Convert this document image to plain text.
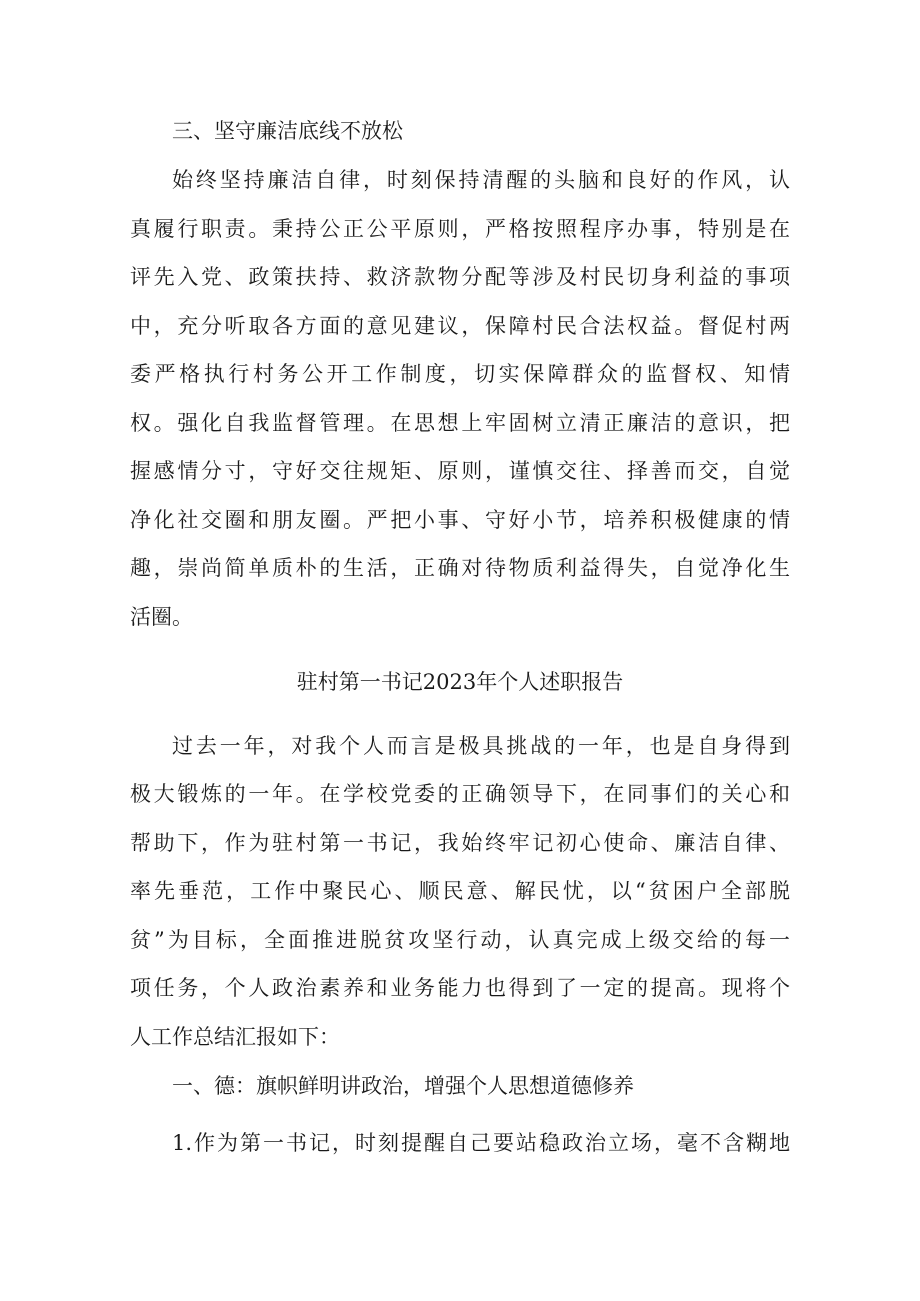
三、坚守廉洁底线不放松
始终坚持廉洁自律，时刻保持清醒的头脑和良好的作风，认
真履行职责。秉持公正公平原则，严格按照程序办事，特别是在
评先入党、政策扶持、救济款物分配等涉及村民切身利益的事项
中，充分听取各方面的意见建议，保障村民合法权益。督促村两
委严格执行村务公开工作制度，切实保障群众的监督权、知情
权。强化自我监督管理。在思想上牢固树立清正廉洁的意识，把
握感情分寸，守好交往规矩、原则，谨慎交往、择善而交，自觉
净化社交圈和朋友圈。严把小事、守好小节，培养积极健康的情
趣，崇尚简单质朴的生活，正确对待物质利益得失，自觉净化生
活圈。
驻村第一书记2023年个人述职报告
过去一年，对我个人而言是极具挑战的一年，也是自身得到
极大锻炼的一年。在学校党委的正确领导下，在同事们的关心和
帮助下，作为驻村第一书记，我始终牢记初心使命、廉洁自律、
率先垂范，工作中聚民心、顺民意、解民忧，以“贫困户全部脱
贫”为目标，全面推进脱贫攻坚行动，认真完成上级交给的每一
项任务，个人政治素养和业务能力也得到了一定的提高。现将个
人工作总结汇报如下：
一、德：旗帜鲜明讲政治，增强个人思想道德修养
1.作为第一书记，时刻提醒自己要站稳政治立场，毫不含糊地
